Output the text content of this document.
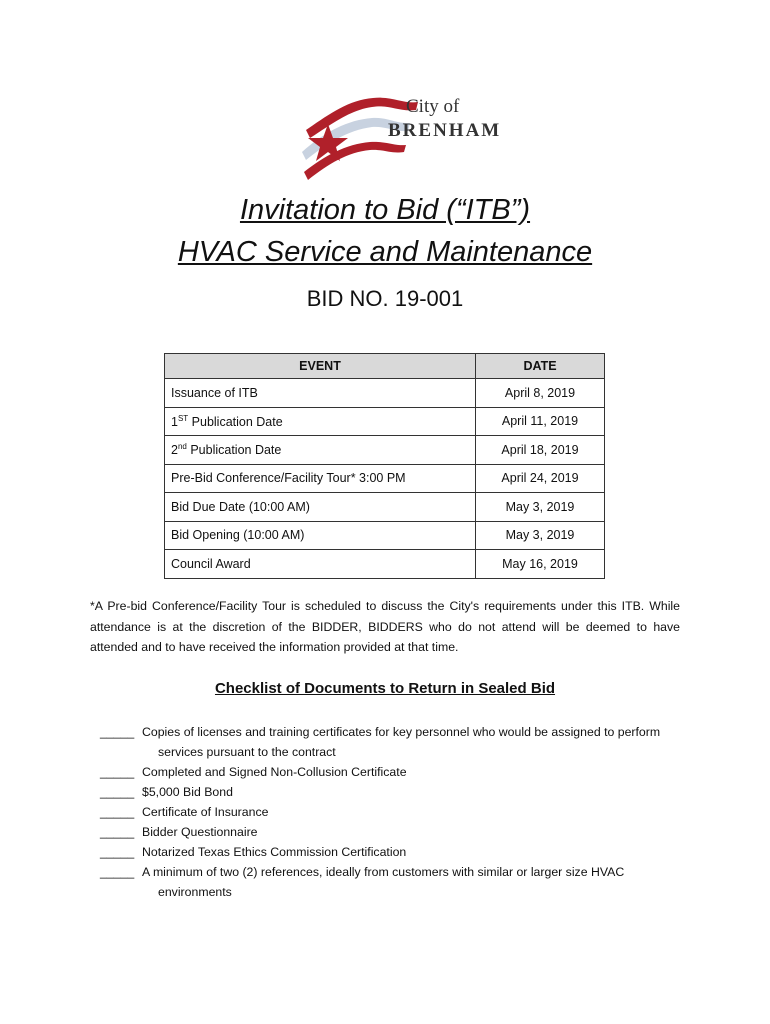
City of
BRENHAM
Invitation to Bid (“ITB”)
HVAC Service and Maintenance
BID NO. 19-001
EVENT	DATE
Issuance of ITB	April 8, 2019
1ST Publication Date	April 11, 2019
2nd Publication Date	April 18, 2019
Pre-Bid Conference/Facility Tour* 3:00 PM	April 24, 2019
Bid Due Date (10:00 AM)	May 3, 2019
Bid Opening (10:00 AM)	May 3, 2019
Council Award	May 16, 2019
*A Pre-bid Conference/Facility Tour is scheduled to discuss the City's requirements under this ITB. While attendance is at the discretion of the BIDDER, BIDDERS who do not attend will be deemed to have attended and to have received the information provided at that time.
Checklist of Documents to Return in Sealed Bid
_____ Copies of licenses and training certificates for key personnel who would be assigned to perform
services pursuant to the contract
_____ Completed and Signed Non-Collusion Certificate
_____ $5,000 Bid Bond
_____ Certificate of Insurance
_____ Bidder Questionnaire
_____ Notarized Texas Ethics Commission Certification
_____ A minimum of two (2) references, ideally from customers with similar or larger size HVAC
environments
